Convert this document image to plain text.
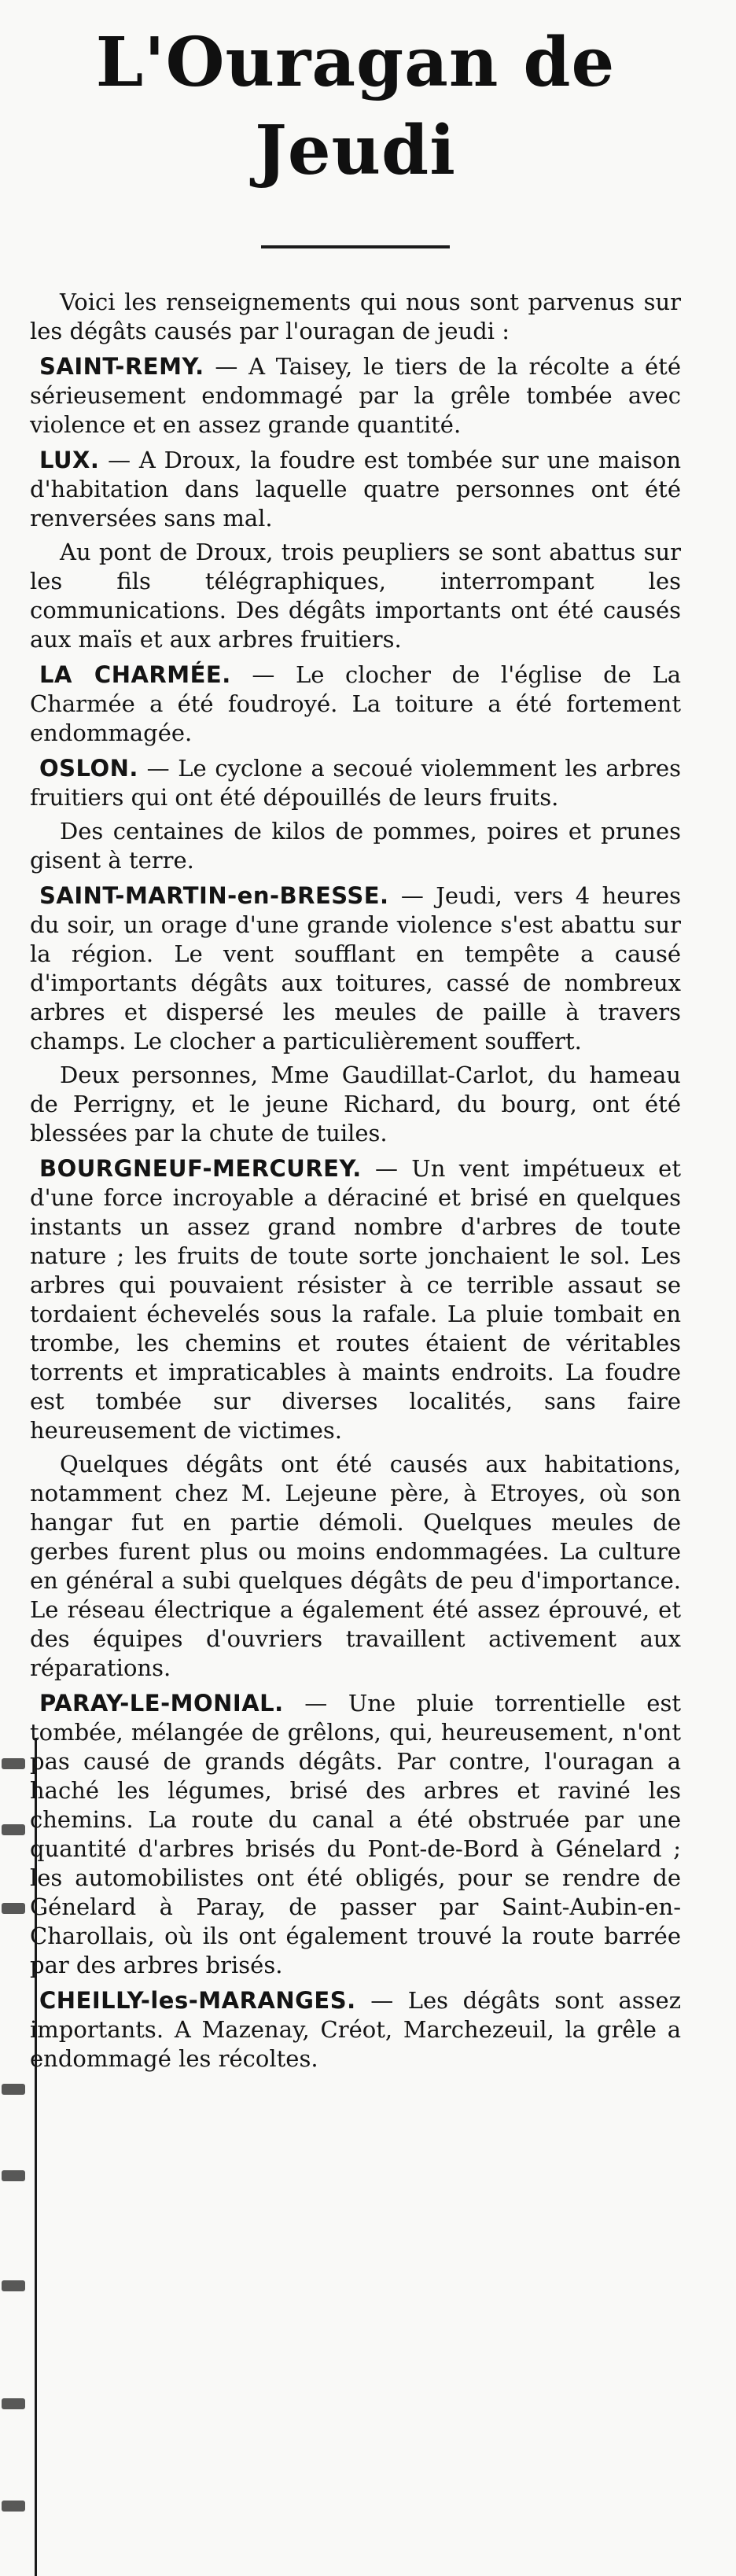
L'Ouragan de Jeudi

Voici les renseignements qui nous sont parvenus sur les dégâts causés par l'ouragan de jeudi :

SAINT-REMY. — A Taisey, le tiers de la récolte a été sérieusement endommagé par la grêle tombée avec violence et en assez grande quantité.

LUX. — A Droux, la foudre est tombée sur une maison d'habitation dans laquelle quatre personnes ont été renversées sans mal.

Au pont de Droux, trois peupliers se sont abattus sur les fils télégraphiques, interrompant les communications. Des dégâts importants ont été causés aux maïs et aux arbres fruitiers.

LA CHARMÉE. — Le clocher de l'église de La Charmée a été foudroyé. La toiture a été fortement endommagée.

OSLON. — Le cyclone a secoué violemment les arbres fruitiers qui ont été dépouillés de leurs fruits.

Des centaines de kilos de pommes, poires et prunes gisent à terre.

SAINT-MARTIN-en-BRESSE. — Jeudi, vers 4 heures du soir, un orage d'une grande violence s'est abattu sur la région. Le vent soufflant en tempête a causé d'importants dégâts aux toitures, cassé de nombreux arbres et dispersé les meules de paille à travers champs. Le clocher a particulièrement souffert.

Deux personnes, Mme Gaudillat-Carlot, du hameau de Perrigny, et le jeune Richard, du bourg, ont été blessées par la chute de tuiles.

BOURGNEUF-MERCUREY. — Un vent impétueux et d'une force incroyable a déraciné et brisé en quelques instants un assez grand nombre d'arbres de toute nature ; les fruits de toute sorte jonchaient le sol. Les arbres qui pouvaient résister à ce terrible assaut se tordaient échevelés sous la rafale. La pluie tombait en trombe, les chemins et routes étaient de véritables torrents et impraticables à maints endroits. La foudre est tombée sur diverses localités, sans faire heureusement de victimes.

Quelques dégâts ont été causés aux habitations, notamment chez M. Lejeune père, à Etroyes, où son hangar fut en partie démoli. Quelques meules de gerbes furent plus ou moins endommagées. La culture en général a subi quelques dégâts de peu d'importance. Le réseau électrique a également été assez éprouvé, et des équipes d'ouvriers travaillent activement aux réparations.

PARAY-LE-MONIAL. — Une pluie torrentielle est tombée, mélangée de grêlons, qui, heureusement, n'ont pas causé de grands dégâts. Par contre, l'ouragan a haché les légumes, brisé des arbres et raviné les chemins. La route du canal a été obstruée par une quantité d'arbres brisés du Pont-de-Bord à Génelard ; les automobilistes ont été obligés, pour se rendre de Génelard à Paray, de passer par Saint-Aubin-en-Charollais, où ils ont également trouvé la route barrée par des arbres brisés.

CHEILLY-les-MARANGES. — Les dégâts sont assez importants. A Mazenay, Créot, Marchezeuil, la grêle a endommagé les récoltes.
